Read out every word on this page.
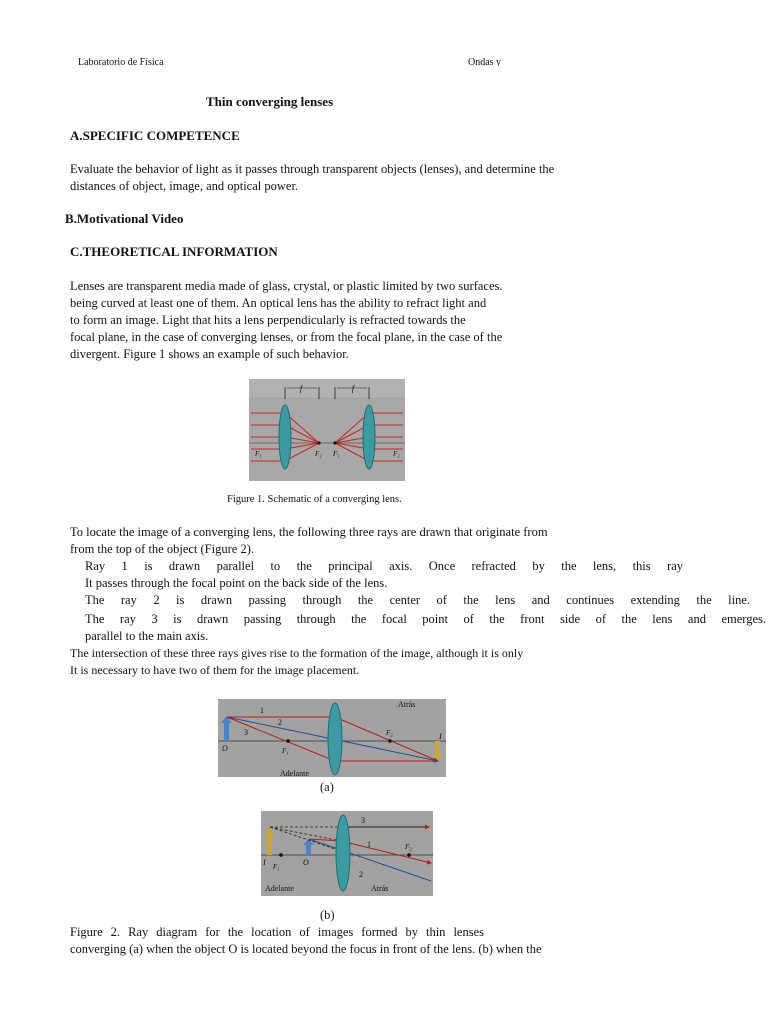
Laboratorio de Física	Ondas y
Thin converging lenses
A.SPECIFIC COMPETENCE

Evaluate the behavior of light as it passes through transparent objects (lenses), and determine the

distances of object, image, and optical power.

B.Motivational Video
C.THEORETICAL INFORMATION

Lenses are transparent media made of glass, crystal, or plastic limited by two surfaces.

being curved at least one of them. An optical lens has the ability to refract light and

to form an image. Light that hits a lens perpendicularly is refracted towards the

focal plane, in the case of converging lenses, or from the focal plane, in the case of the

divergent. Figure 1 shows an example of such behavior.

f	f
F₁	F₂ F₁	F₂
Figure 1. Schematic of a converging lens.

To locate the image of a converging lens, the following three rays are drawn that originate from

from the top of the object (Figure 2).

Ray 1 is drawn parallel to the principal axis. Once refracted by the lens, this ray

It passes through the focal point on the back side of the lens.

The ray 2 is drawn passing through the center of the lens and continues extending the line.

The ray 3 is drawn passing through the focal point of the front side of the lens and emerges.

parallel to the main axis.

The intersection of these three rays gives rise to the formation of the image, although it is only

It is necessary to have two of them for the image placement.

Atrás
Adelante
O
I
F₁
F₂
1
2
3
(a)
Atrás
Adelante
O
I F₁
F₂
1
2
3
(b)

Figure 2. Ray diagram for the location of images formed by thin lenses

converging (a) when the object O is located beyond the focus in front of the lens. (b) when the
